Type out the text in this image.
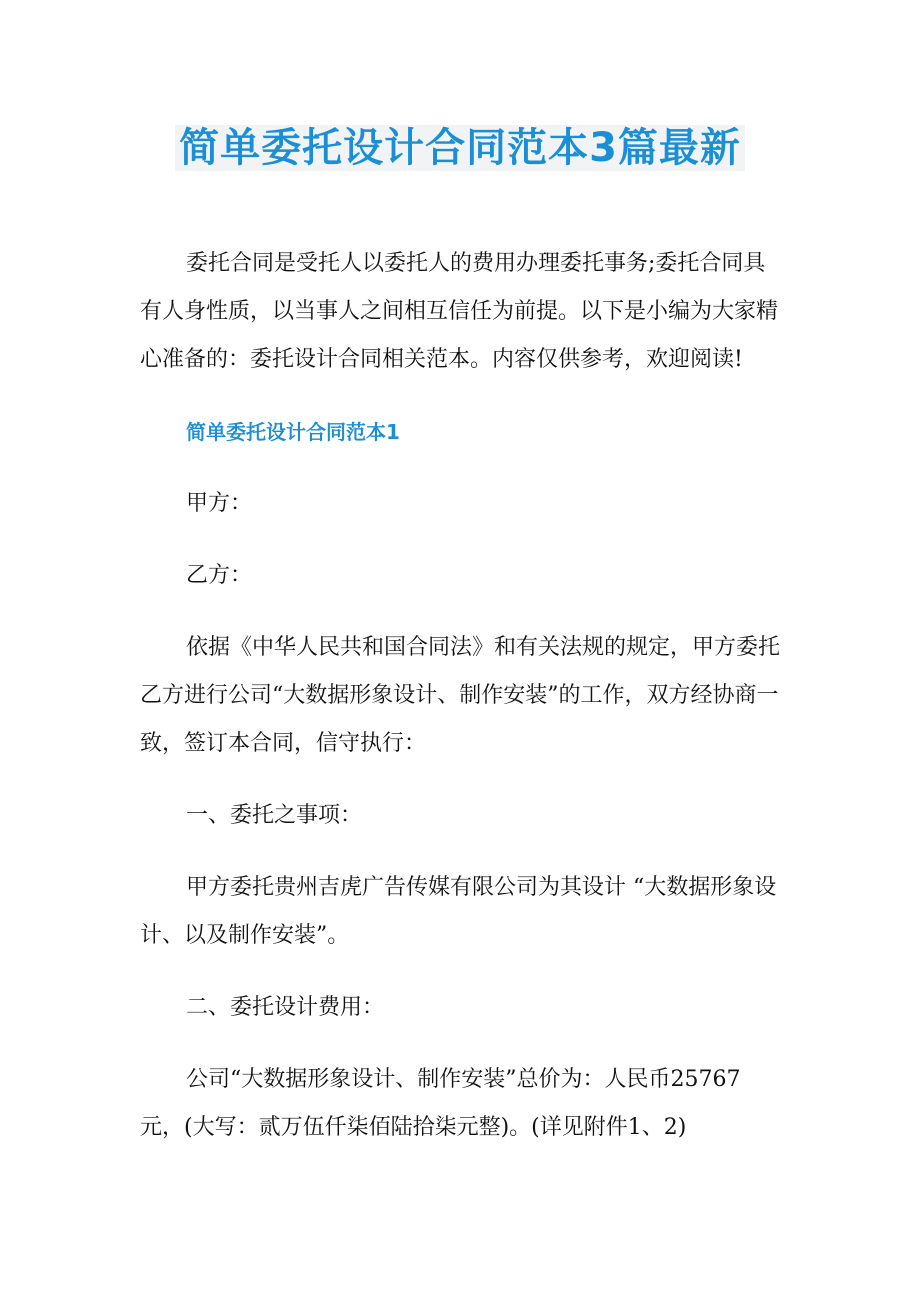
简单委托设计合同范本3篇最新

委托合同是受托人以委托人的费用办理委托事务;委托合同具有人身性质，以当事人之间相互信任为前提。以下是小编为大家精心准备的：委托设计合同相关范本。内容仅供参考，欢迎阅读!

简单委托设计合同范本1

甲方：

乙方：

依据《中华人民共和国合同法》和有关法规的规定，甲方委托乙方进行公司“大数据形象设计、制作安装”的工作，双方经协商一致，签订本合同，信守执行：

一、委托之事项：

甲方委托贵州吉虎广告传媒有限公司为其设计 “大数据形象设计、以及制作安装”。

二、委托设计费用：

公司“大数据形象设计、制作安装”总价为：人民币25767元，(大写：贰万伍仟柒佰陆拾柒元整)。(详见附件1、2)
